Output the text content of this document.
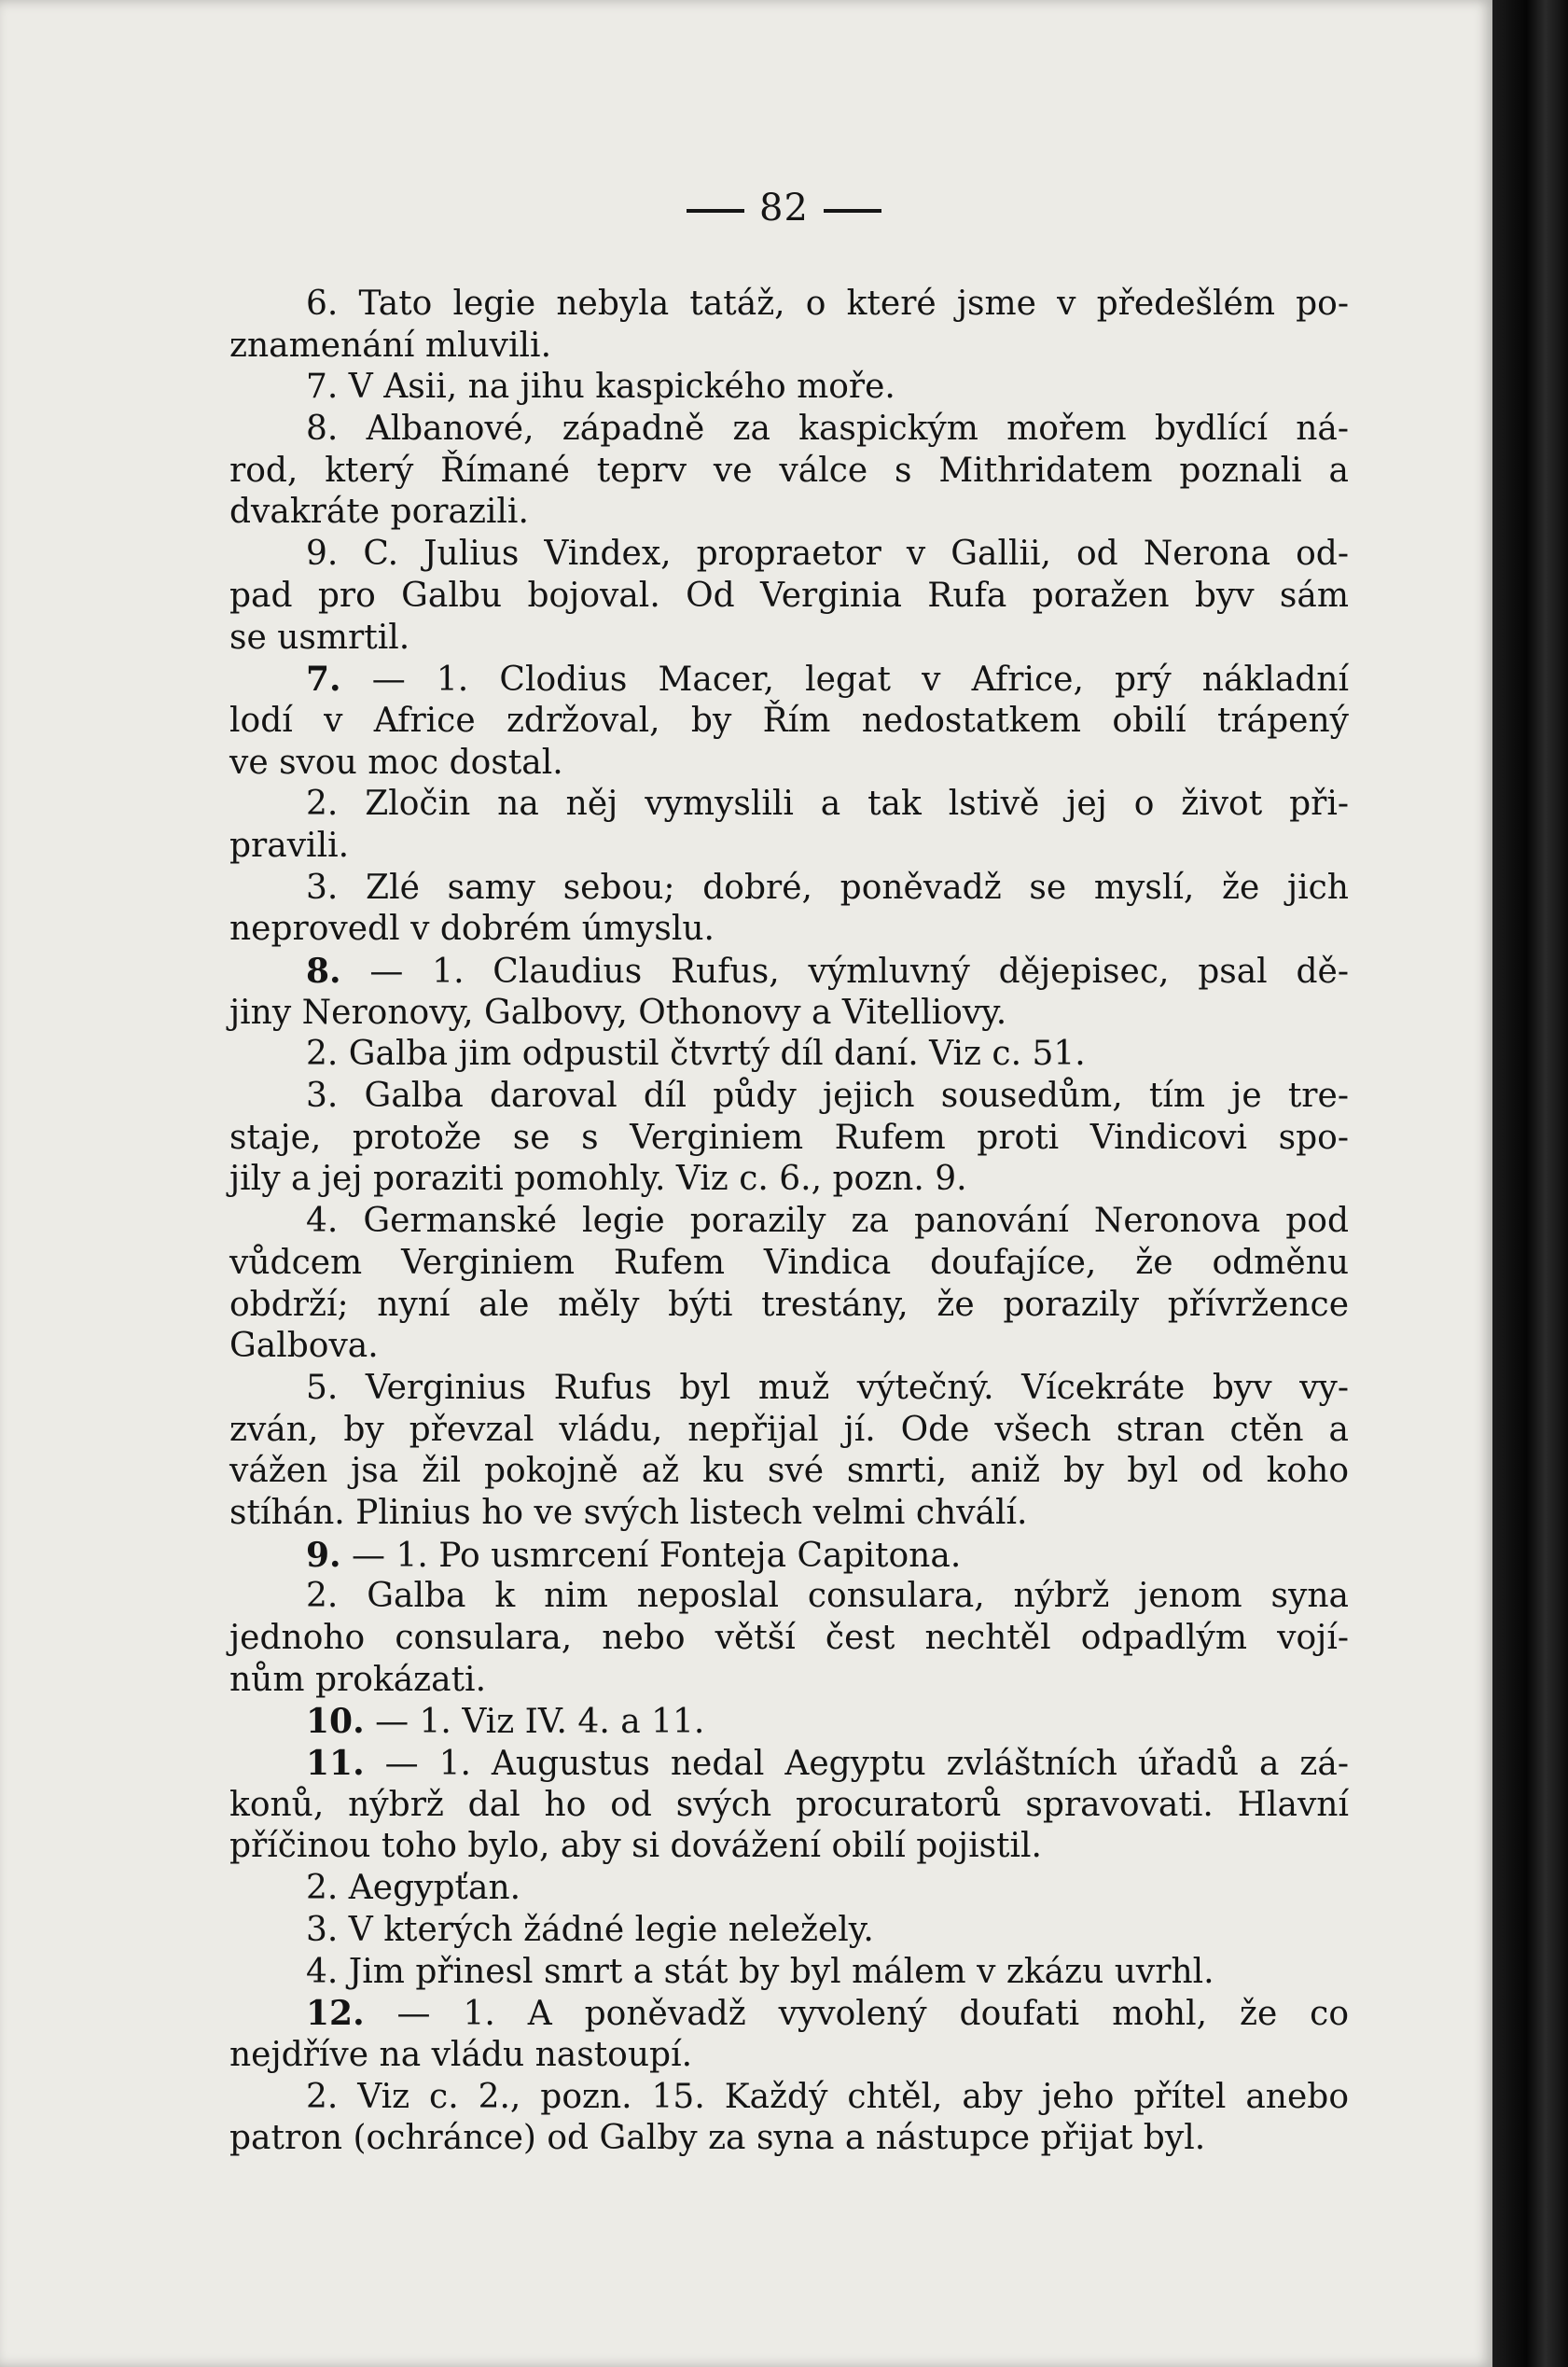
82
6. Tato legie nebyla tatáž, o které jsme v předešlém po-
znamenání mluvili.
7. V Asii, na jihu kaspického moře.
8. Albanové, západně za kaspickým mořem bydlící ná-
rod, který Římané teprv ve válce s Mithridatem poznali a
dvakráte porazili.
9. C. Julius Vindex, propraetor v Gallii, od Nerona od-
pad pro Galbu bojoval. Od Verginia Rufa poražen byv sám
se usmrtil.
7. — 1. Clodius Macer, legat v Africe, prý nákladní
lodí v Africe zdržoval, by Řím nedostatkem obilí trápený
ve svou moc dostal.
2. Zločin na něj vymyslili a tak lstivě jej o život při-
pravili.
3. Zlé samy sebou; dobré, poněvadž se myslí, že jich
neprovedl v dobrém úmyslu.
8. — 1. Claudius Rufus, výmluvný dějepisec, psal dě-
jiny Neronovy, Galbovy, Othonovy a Vitelliovy.
2. Galba jim odpustil čtvrtý díl daní. Viz c. 51.
3. Galba daroval díl půdy jejich sousedům, tím je tre-
staje, protože se s Verginiem Rufem proti Vindicovi spo-
jily a jej poraziti pomohly. Viz c. 6., pozn. 9.
4. Germanské legie porazily za panování Neronova pod
vůdcem Verginiem Rufem Vindica doufajíce, že odměnu
obdrží; nyní ale měly býti trestány, že porazily přívržence
Galbova.
5. Verginius Rufus byl muž výtečný. Vícekráte byv vy-
zván, by převzal vládu, nepřijal jí. Ode všech stran ctěn a
vážen jsa žil pokojně až ku své smrti, aniž by byl od koho
stíhán. Plinius ho ve svých listech velmi chválí.
9. — 1. Po usmrcení Fonteja Capitona.
2. Galba k nim neposlal consulara, nýbrž jenom syna
jednoho consulara, nebo větší čest nechtěl odpadlým vojí-
nům prokázati.
10. — 1. Viz IV. 4. a 11.
11. — 1. Augustus nedal Aegyptu zvláštních úřadů a zá-
konů, nýbrž dal ho od svých procuratorů spravovati. Hlavní
příčinou toho bylo, aby si dovážení obilí pojistil.
2. Aegypťan.
3. V kterých žádné legie neležely.
4. Jim přinesl smrt a stát by byl málem v zkázu uvrhl.
12. — 1. A poněvadž vyvolený doufati mohl, že co
nejdříve na vládu nastoupí.
2. Viz c. 2., pozn. 15. Každý chtěl, aby jeho přítel anebo
patron (ochránce) od Galby za syna a nástupce přijat byl.
